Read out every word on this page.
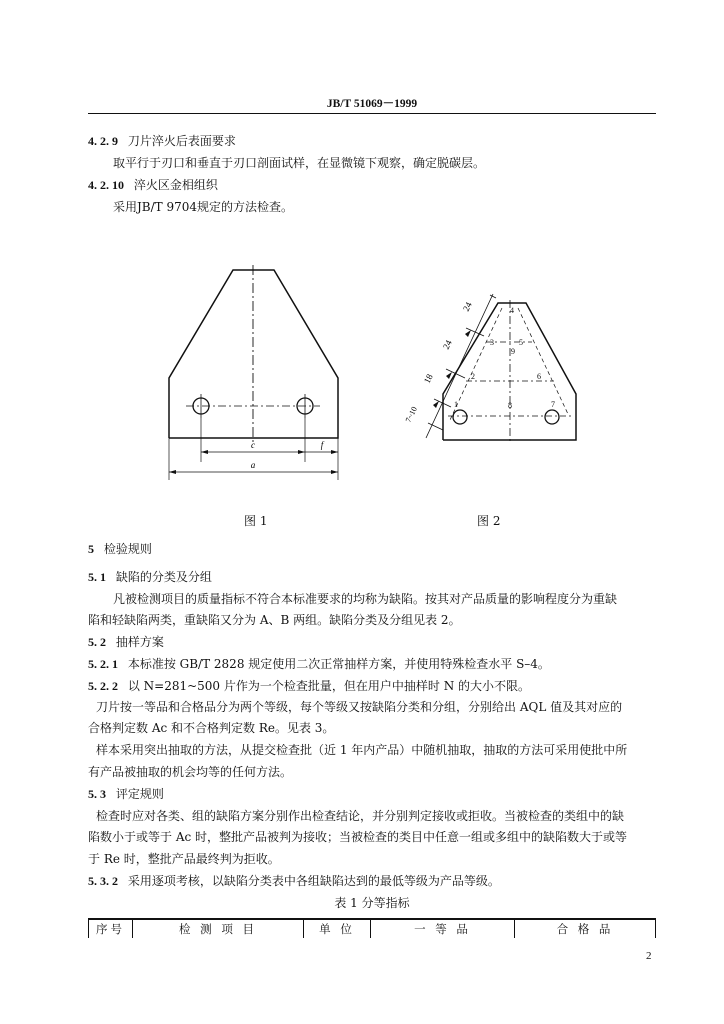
JB/T 51069－1999
4. 2. 9 刀片淬火后表面要求
取平行于刃口和垂直于刃口剖面试样，在显微镜下观察，确定脱碳层。
4. 2. 10 淬火区金相组织
采用JB/T 9704规定的方法检查。
c	f
a
24
24
18
7~10
4
3	5
9
2	6
1	8	7
图 1	图 2
5 检验规则
5. 1 缺陷的分类及分组
凡被检测项目的质量指标不符合本标准要求的均称为缺陷。按其对产品质量的影响程度分为重缺
陷和轻缺陷两类，重缺陷又分为 A、B 两组。缺陷分类及分组见表 2。
5. 2 抽样方案
5. 2. 1 本标准按 GB/T 2828 规定使用二次正常抽样方案，并使用特殊检查水平 S–4。
5. 2. 2 以 N=281~500 片作为一个检查批量，但在用户中抽样时 N 的大小不限。
刀片按一等品和合格品分为两个等级，每个等级又按缺陷分类和分组，分别给出 AQL 值及其对应的
合格判定数 Ac 和不合格判定数 Re。见表 3。
样本采用突出抽取的方法，从提交检查批（近 1 年内产品）中随机抽取，抽取的方法可采用使批中所
有产品被抽取的机会均等的任何方法。
5. 3 评定规则
检查时应对各类、组的缺陷方案分别作出检查结论，并分别判定接收或拒收。当被检查的类组中的缺
陷数小于或等于 Ac 时，整批产品被判为接收；当被检查的类目中任意一组或多组中的缺陷数大于或等
于 Re 时，整批产品最终判为拒收。
5. 3. 2 采用逐项考核，以缺陷分类表中各组缺陷达到的最低等级为产品等级。
表 1 分等指标
序号	检 测 项 目	单 位	一 等 品	合 格 品
2
